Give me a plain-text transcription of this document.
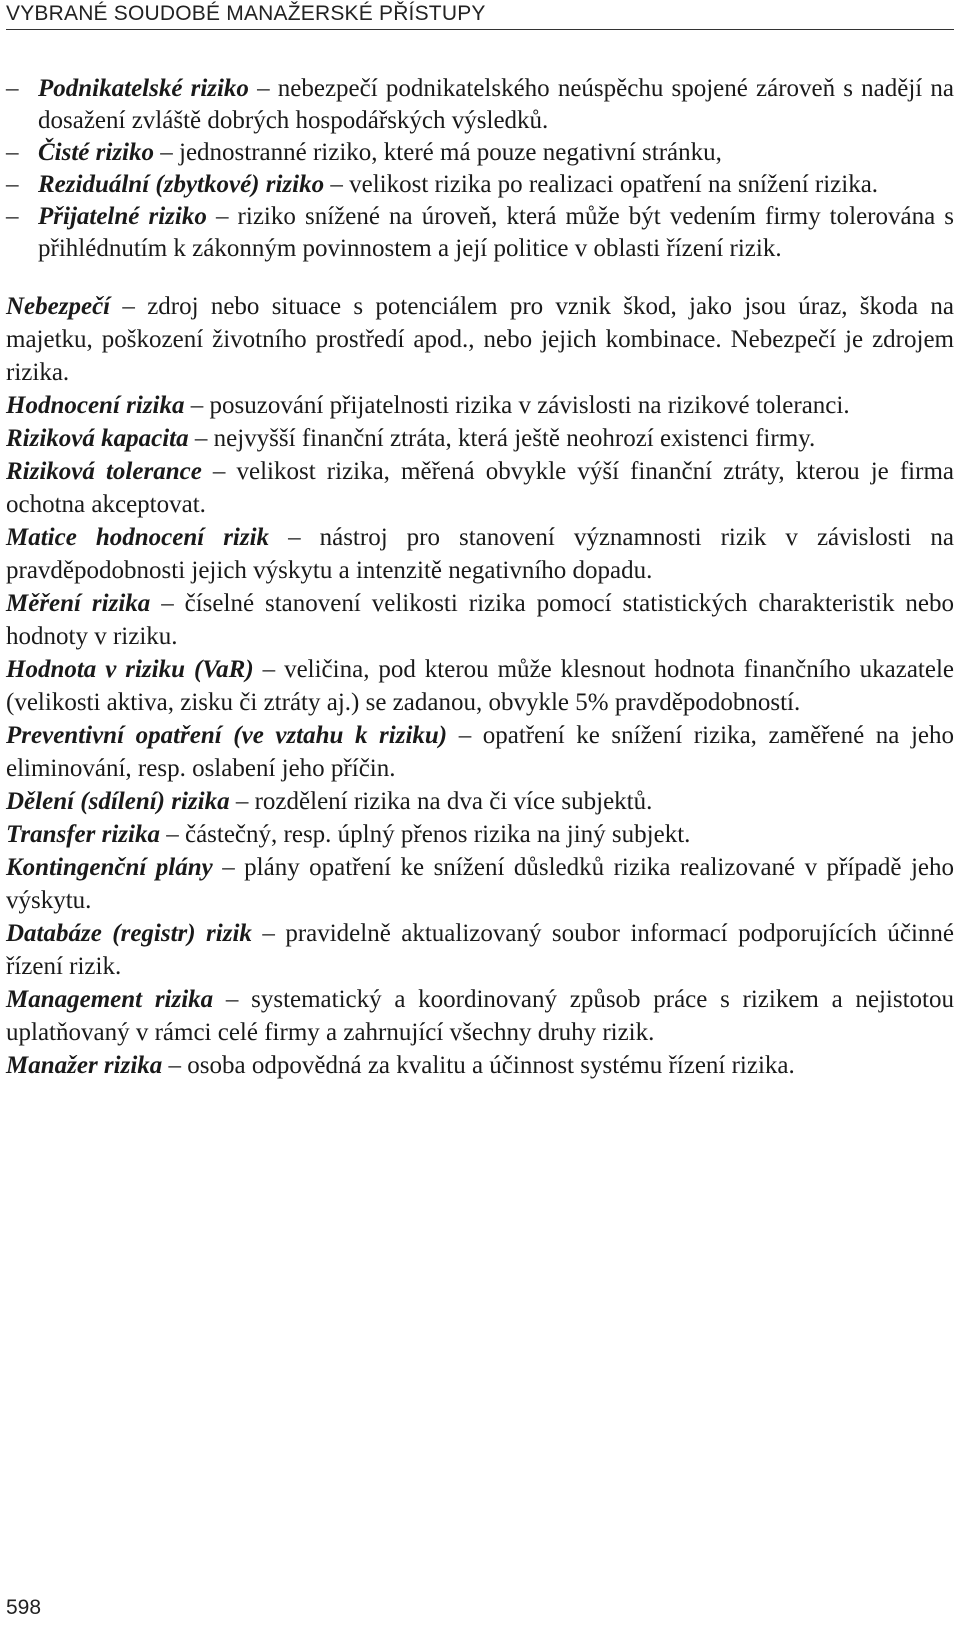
VYBRANÉ SOUDOBÉ MANAŽERSKÉ PŘÍSTUPY
– Podnikatelské riziko – nebezpečí podnikatelského neúspěchu spojené zároveň s nadějí na dosažení zvláště dobrých hospodářských výsledků.
– Čisté riziko – jednostranné riziko, které má pouze negativní stránku,
– Reziduální (zbytkové) riziko – velikost rizika po realizaci opatření na snížení rizika.
– Přijatelné riziko – riziko snížené na úroveň, která může být vedením firmy tolerována s přihlédnutím k zákonným povinnostem a její politice v oblasti řízení rizik.

Nebezpečí – zdroj nebo situace s potenciálem pro vznik škod, jako jsou úraz, škoda na majetku, poškození životního prostředí apod., nebo jejich kombinace. Nebezpečí je zdrojem rizika.

Hodnocení rizika – posuzování přijatelnosti rizika v závislosti na rizikové toleranci.

Riziková kapacita – nejvyšší finanční ztráta, která ještě neohrozí existenci firmy.

Riziková tolerance – velikost rizika, měřená obvykle výší finanční ztráty, kterou je firma ochotna akceptovat.

Matice hodnocení rizik – nástroj pro stanovení významnosti rizik v závislosti na pravděpodobnosti jejich výskytu a intenzitě negativního dopadu.

Měření rizika – číselné stanovení velikosti rizika pomocí statistických charakteristik nebo hodnoty v riziku.

Hodnota v riziku (VaR) – veličina, pod kterou může klesnout hodnota finančního ukazatele (velikosti aktiva, zisku či ztráty aj.) se zadanou, obvykle 5% pravděpodobností.

Preventivní opatření (ve vztahu k riziku) – opatření ke snížení rizika, zaměřené na jeho eliminování, resp. oslabení jeho příčin.

Dělení (sdílení) rizika – rozdělení rizika na dva či více subjektů.

Transfer rizika – částečný, resp. úplný přenos rizika na jiný subjekt.

Kontingenční plány – plány opatření ke snížení důsledků rizika realizované v případě jeho výskytu.

Databáze (registr) rizik – pravidelně aktualizovaný soubor informací podporujících účinné řízení rizik.

Management rizika – systematický a koordinovaný způsob práce s rizikem a nejistotou uplatňovaný v rámci celé firmy a zahrnující všechny druhy rizik.

Manažer rizika – osoba odpovědná za kvalitu a účinnost systému řízení rizika.

598
